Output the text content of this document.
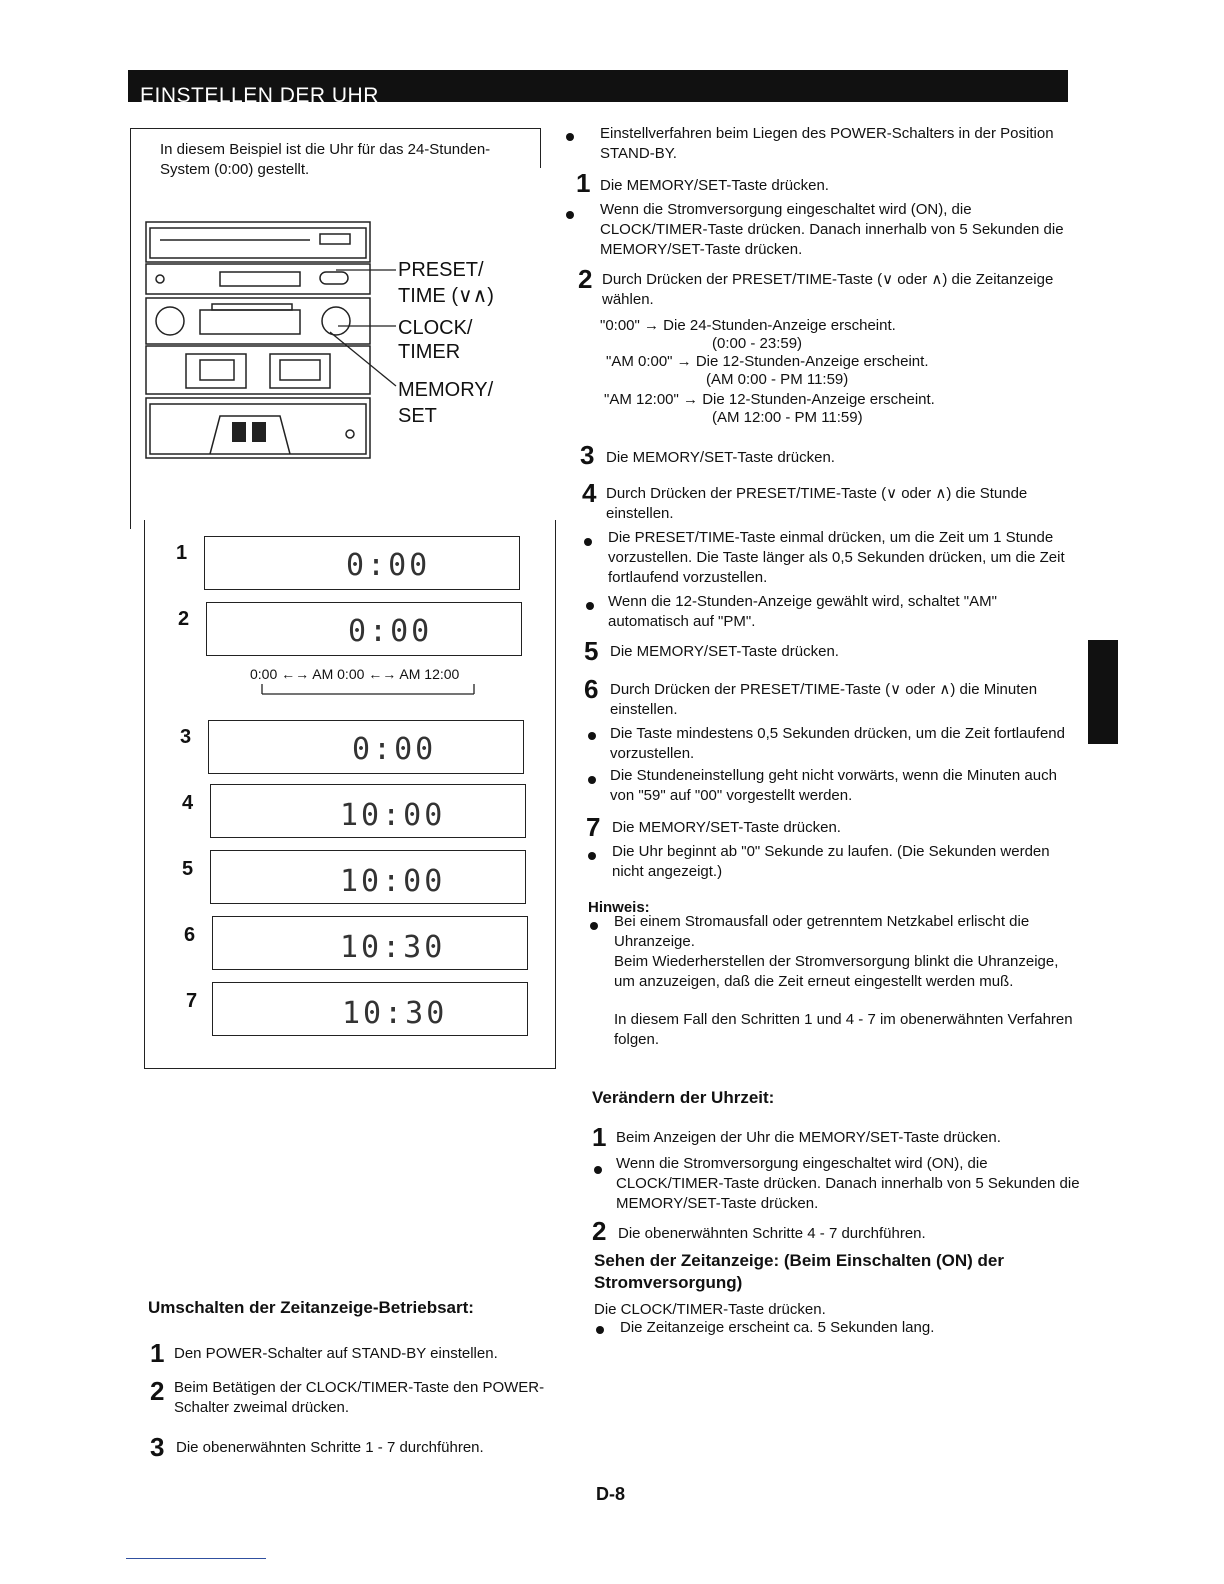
EINSTELLEN DER UHR
In diesem Beispiel ist die Uhr für das 24-Stunden-System (0:00) gestellt.
PRESET/
TIME (∨∧)
CLOCK/
TIMER
MEMORY/
SET
1	0:00
2	0:00
0:00 ←→ AM 0:00 ←→ AM 12:00
3	0:00
4	10:00
5	10:00
6	10:30
7	10:30
Einstellverfahren beim Liegen des POWER-Schalters in der Position STAND-BY.
1 Die MEMORY/SET-Taste drücken.
Wenn die Stromversorgung eingeschaltet wird (ON), die CLOCK/TIMER-Taste drücken. Danach innerhalb von 5 Sekunden die MEMORY/SET-Taste drücken.
2 Durch Drücken der PRESET/TIME-Taste (∨ oder ∧) die Zeitanzeige wählen.
"0:00" → Die 24-Stunden-Anzeige erscheint.
(0:00 - 23:59)
"AM 0:00" → Die 12-Stunden-Anzeige erscheint.
(AM 0:00 - PM 11:59)
"AM 12:00" → Die 12-Stunden-Anzeige erscheint.
(AM 12:00 - PM 11:59)
3 Die MEMORY/SET-Taste drücken.
4 Durch Drücken der PRESET/TIME-Taste (∨ oder ∧) die Stunde einstellen.
Die PRESET/TIME-Taste einmal drücken, um die Zeit um 1 Stunde vorzustellen. Die Taste länger als 0,5 Sekunden drücken, um die Zeit fortlaufend vorzustellen.
Wenn die 12-Stunden-Anzeige gewählt wird, schaltet "AM" automatisch auf "PM".
5 Die MEMORY/SET-Taste drücken.
6 Durch Drücken der PRESET/TIME-Taste (∨ oder ∧) die Minuten einstellen.
Die Taste mindestens 0,5 Sekunden drücken, um die Zeit fortlaufend vorzustellen.
Die Stundeneinstellung geht nicht vorwärts, wenn die Minuten auch von "59" auf "00" vorgestellt werden.
7 Die MEMORY/SET-Taste drücken.
Die Uhr beginnt ab "0" Sekunde zu laufen. (Die Sekunden werden nicht angezeigt.)
Hinweis:
Bei einem Stromausfall oder getrenntem Netzkabel erlischt die Uhranzeige.
Beim Wiederherstellen der Stromversorgung blinkt die Uhranzeige, um anzuzeigen, daß die Zeit erneut eingestellt werden muß.
In diesem Fall den Schritten 1 und 4 - 7 im obenerwähnten Verfahren folgen.
Verändern der Uhrzeit:
1 Beim Anzeigen der Uhr die MEMORY/SET-Taste drücken.
Wenn die Stromversorgung eingeschaltet wird (ON), die CLOCK/TIMER-Taste drücken. Danach innerhalb von 5 Sekunden die MEMORY/SET-Taste drücken.
2 Die obenerwähnten Schritte 4 - 7 durchführen.
Sehen der Zeitanzeige: (Beim Einschalten (ON) der Stromversorgung)
Die CLOCK/TIMER-Taste drücken.
Die Zeitanzeige erscheint ca. 5 Sekunden lang.
Umschalten der Zeitanzeige-Betriebsart:
1 Den POWER-Schalter auf STAND-BY einstellen.
2 Beim Betätigen der CLOCK/TIMER-Taste den POWER-Schalter zweimal drücken.
3 Die obenerwähnten Schritte 1 - 7 durchführen.
D-8
